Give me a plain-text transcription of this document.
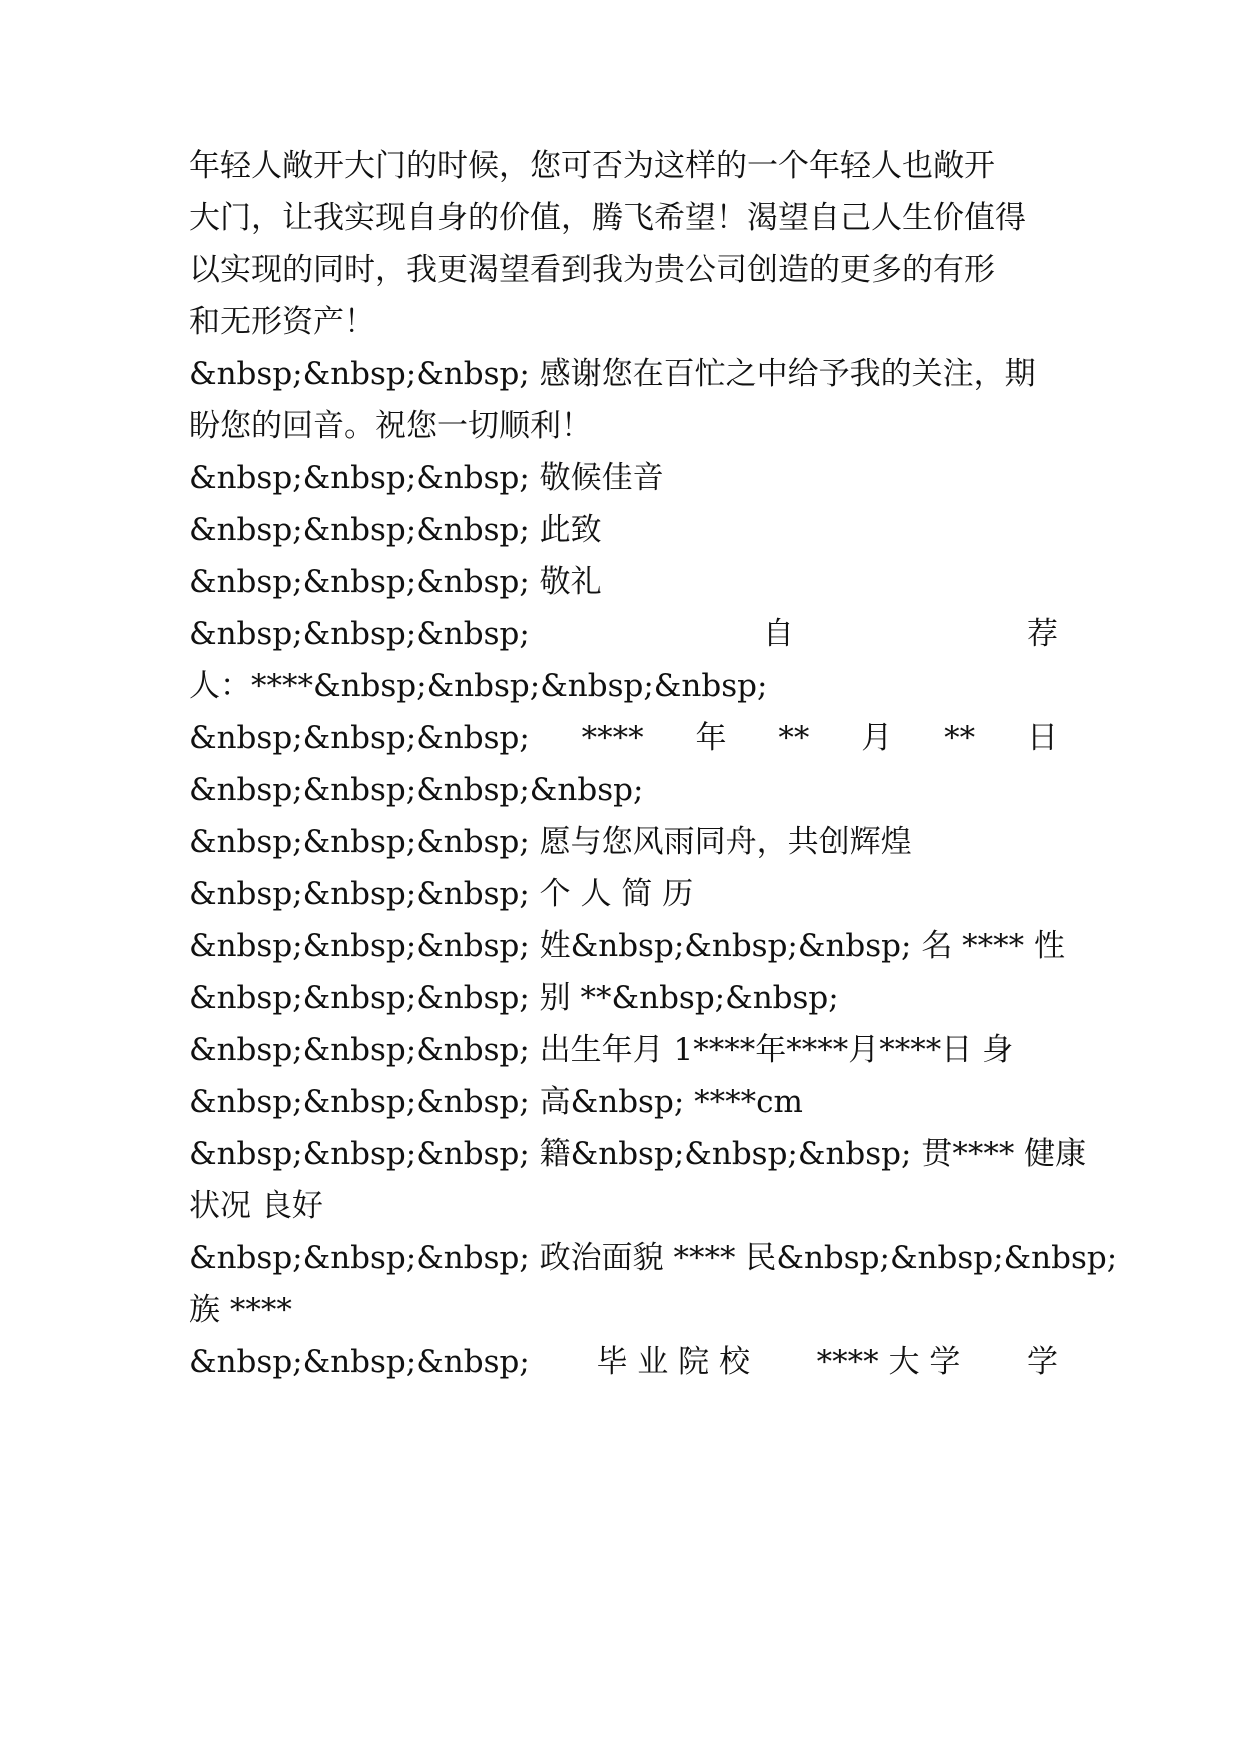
年轻人敞开大门的时候，您可否为这样的一个年轻人也敞开
大门，让我实现自身的价值，腾飞希望！渴望自己人生价值得
以实现的同时，我更渴望看到我为贵公司创造的更多的有形
和无形资产！
&nbsp;&nbsp;&nbsp; 感谢您在百忙之中给予我的关注，期
盼您的回音。祝您一切顺利！
&nbsp;&nbsp;&nbsp; 敬候佳音
&nbsp;&nbsp;&nbsp; 此致
&nbsp;&nbsp;&nbsp; 敬礼
&nbsp;&nbsp;&nbsp;	自	荐
人：****&nbsp;&nbsp;&nbsp;&nbsp;
&nbsp;&nbsp;&nbsp; **** 年 ** 月 ** 日
&nbsp;&nbsp;&nbsp;&nbsp;
&nbsp;&nbsp;&nbsp; 愿与您风雨同舟，共创辉煌
&nbsp;&nbsp;&nbsp; 个 人 简 历
&nbsp;&nbsp;&nbsp; 姓&nbsp;&nbsp;&nbsp; 名 **** 性
&nbsp;&nbsp;&nbsp; 别 **&nbsp;&nbsp;
&nbsp;&nbsp;&nbsp; 出生年月 1****年****月****日 身
&nbsp;&nbsp;&nbsp; 高&nbsp; ****cm
&nbsp;&nbsp;&nbsp; 籍&nbsp;&nbsp;&nbsp; 贯**** 健康
状况 良好
&nbsp;&nbsp;&nbsp; 政治面貌 **** 民&nbsp;&nbsp;&nbsp;
族 ****
&nbsp;&nbsp;&nbsp; 毕 业 院 校 **** 大 学 学
